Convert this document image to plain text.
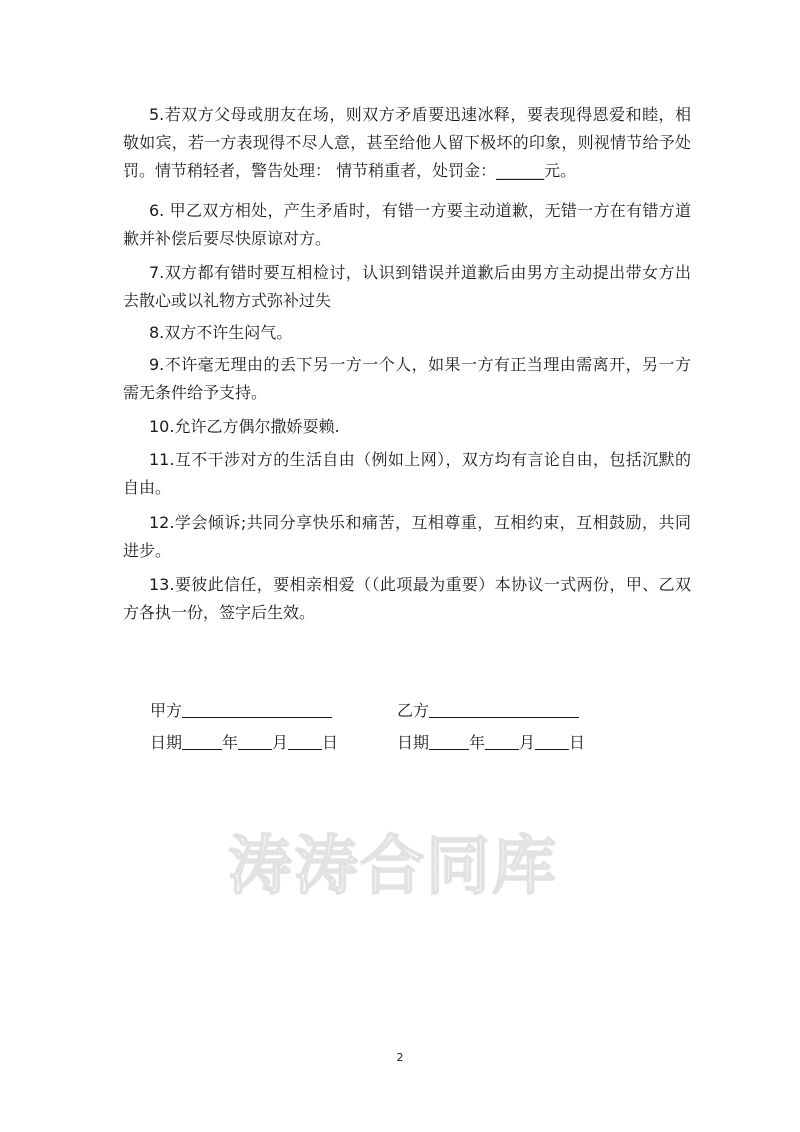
5.若双方父母或朋友在场，则双方矛盾要迅速冰释，要表现得恩爱和睦，相敬如宾，若一方表现得不尽人意，甚至给他人留下极坏的印象，则视情节给予处罚。情节稍轻者，警告处理： 情节稍重者，处罚金：______元。

6. 甲乙双方相处，产生矛盾时，有错一方要主动道歉，无错一方在有错方道歉并补偿后要尽快原谅对方。

7.双方都有错时要互相检讨，认识到错误并道歉后由男方主动提出带女方出去散心或以礼物方式弥补过失

8.双方不许生闷气。

9.不许毫无理由的丢下另一方一个人，如果一方有正当理由需离开，另一方需无条件给予支持。

10.允许乙方偶尔撒娇耍赖.

11.互不干涉对方的生活自由（例如上网），双方均有言论自由，包括沉默的自由。

12.学会倾诉;共同分享快乐和痛苦，互相尊重，互相约束，互相鼓励，共同进步。

13.要彼此信任，要相亲相爱（（此项最为重要）本协议一式两份，甲、乙双方各执一份，签字后生效。

甲方	乙方
日期	年 月 日	日期	年 月 日
涛涛合同库
2
